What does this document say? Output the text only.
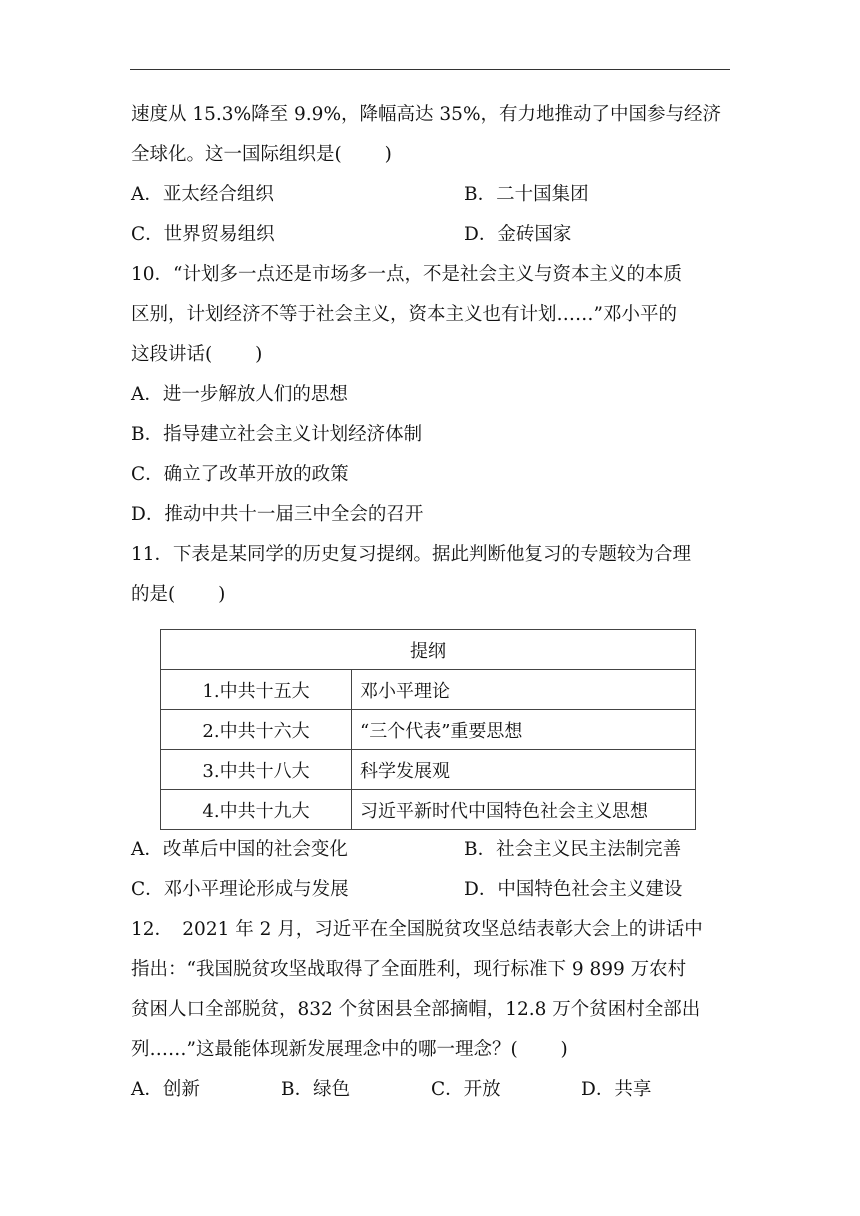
速度从 15.3%降至 9.9%，降幅高达 35%，有力地推动了中国参与经济
全球化。这一国际组织是(　　 )
A．亚太经合组织	B．二十国集团
C．世界贸易组织	D．金砖国家
10．“计划多一点还是市场多一点，不是社会主义与资本主义的本质
区别，计划经济不等于社会主义，资本主义也有计划……”邓小平的
这段讲话(　　 )
A．进一步解放人们的思想
B．指导建立社会主义计划经济体制
C．确立了改革开放的政策
D．推动中共十一届三中全会的召开
11．下表是某同学的历史复习提纲。据此判断他复习的专题较为合理
的是(　　 )
提纲	
1.中共十五大	邓小平理论
2.中共十六大	“三个代表”重要思想
3.中共十八大	科学发展观
4.中共十九大	习近平新时代中国特色社会主义思想
A．改革后中国的社会变化	B．社会主义民主法制完善
C．邓小平理论形成与发展	D．中国特色社会主义建设
12．　2021 年 2 月，习近平在全国脱贫攻坚总结表彰大会上的讲话中
指出：“我国脱贫攻坚战取得了全面胜利，现行标准下 9 899 万农村
贫困人口全部脱贫，832 个贫困县全部摘帽，12.8 万个贫困村全部出
列……”这最能体现新发展理念中的哪一理念？(　　 )
A．创新	B．绿色	C．开放	D．共享
